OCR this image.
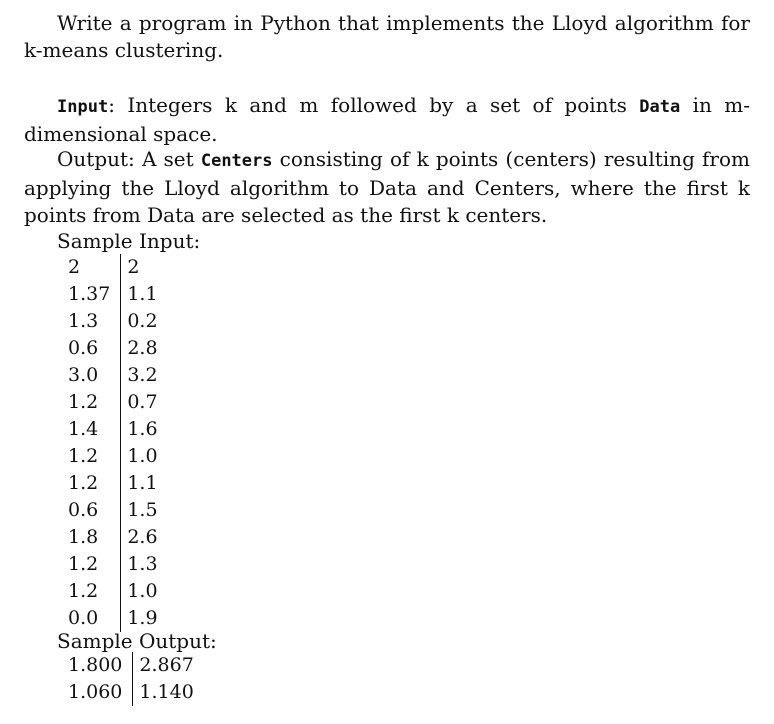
Write a program in Python that implements the Lloyd algorithm for k-means clustering.
Input: Integers k and m followed by a set of points Data in m-dimensional space.
Output: A set Centers consisting of k points (centers) resulting from applying the Lloyd algorithm to Data and Centers, where the first k points from Data are selected as the first k centers.
Sample Input:
2	2
1.37	1.1
1.3	0.2
0.6	2.8
3.0	3.2
1.2	0.7
1.4	1.6
1.2	1.0
1.2	1.1
0.6	1.5
1.8	2.6
1.2	1.3
1.2	1.0
0.0	1.9
Sample Output:
1.800	2.867
1.060	1.140
